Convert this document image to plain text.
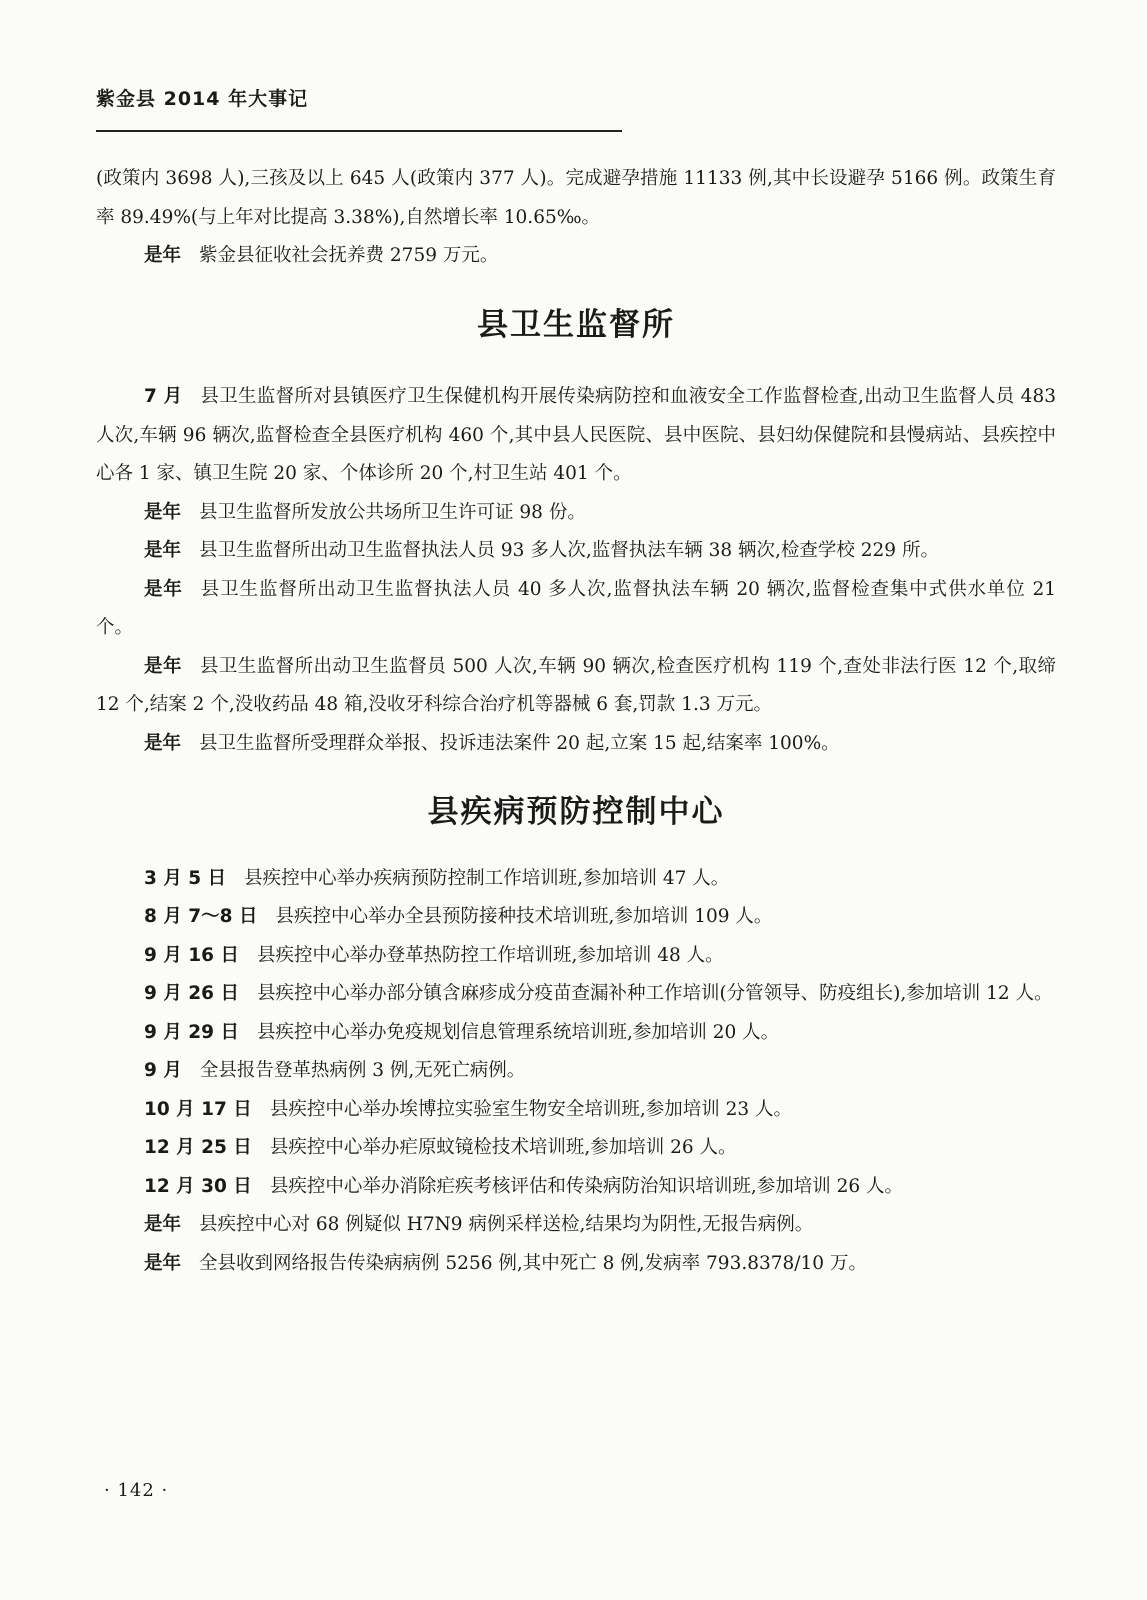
紫金县 2014 年大事记

(政策内 3698 人),三孩及以上 645 人(政策内 377 人)。完成避孕措施 11133 例,其中长设避孕 5166 例。政策生育率 89.49%(与上年对比提高 3.38%),自然增长率 10.65‰。

是年 紫金县征收社会抚养费 2759 万元。

县卫生监督所

7 月 县卫生监督所对县镇医疗卫生保健机构开展传染病防控和血液安全工作监督检查,出动卫生监督人员 483 人次,车辆 96 辆次,监督检查全县医疗机构 460 个,其中县人民医院、县中医院、县妇幼保健院和县慢病站、县疾控中心各 1 家、镇卫生院 20 家、个体诊所 20 个,村卫生站 401 个。

是年 县卫生监督所发放公共场所卫生许可证 98 份。

是年 县卫生监督所出动卫生监督执法人员 93 多人次,监督执法车辆 38 辆次,检查学校 229 所。

是年 县卫生监督所出动卫生监督执法人员 40 多人次,监督执法车辆 20 辆次,监督检查集中式供水单位 21 个。

是年 县卫生监督所出动卫生监督员 500 人次,车辆 90 辆次,检查医疗机构 119 个,查处非法行医 12 个,取缔 12 个,结案 2 个,没收药品 48 箱,没收牙科综合治疗机等器械 6 套,罚款 1.3 万元。

是年 县卫生监督所受理群众举报、投诉违法案件 20 起,立案 15 起,结案率 100%。

县疾病预防控制中心

3 月 5 日 县疾控中心举办疾病预防控制工作培训班,参加培训 47 人。

8 月 7～8 日 县疾控中心举办全县预防接种技术培训班,参加培训 109 人。

9 月 16 日 县疾控中心举办登革热防控工作培训班,参加培训 48 人。

9 月 26 日 县疾控中心举办部分镇含麻疹成分疫苗查漏补种工作培训(分管领导、防疫组长),参加培训 12 人。

9 月 29 日 县疾控中心举办免疫规划信息管理系统培训班,参加培训 20 人。

9 月 全县报告登革热病例 3 例,无死亡病例。

10 月 17 日 县疾控中心举办埃博拉实验室生物安全培训班,参加培训 23 人。

12 月 25 日 县疾控中心举办疟原蚊镜检技术培训班,参加培训 26 人。

12 月 30 日 县疾控中心举办消除疟疾考核评估和传染病防治知识培训班,参加培训 26 人。

是年 县疾控中心对 68 例疑似 H7N9 病例采样送检,结果均为阴性,无报告病例。

是年 全县收到网络报告传染病病例 5256 例,其中死亡 8 例,发病率 793.8378/10 万。

· 142 ·
